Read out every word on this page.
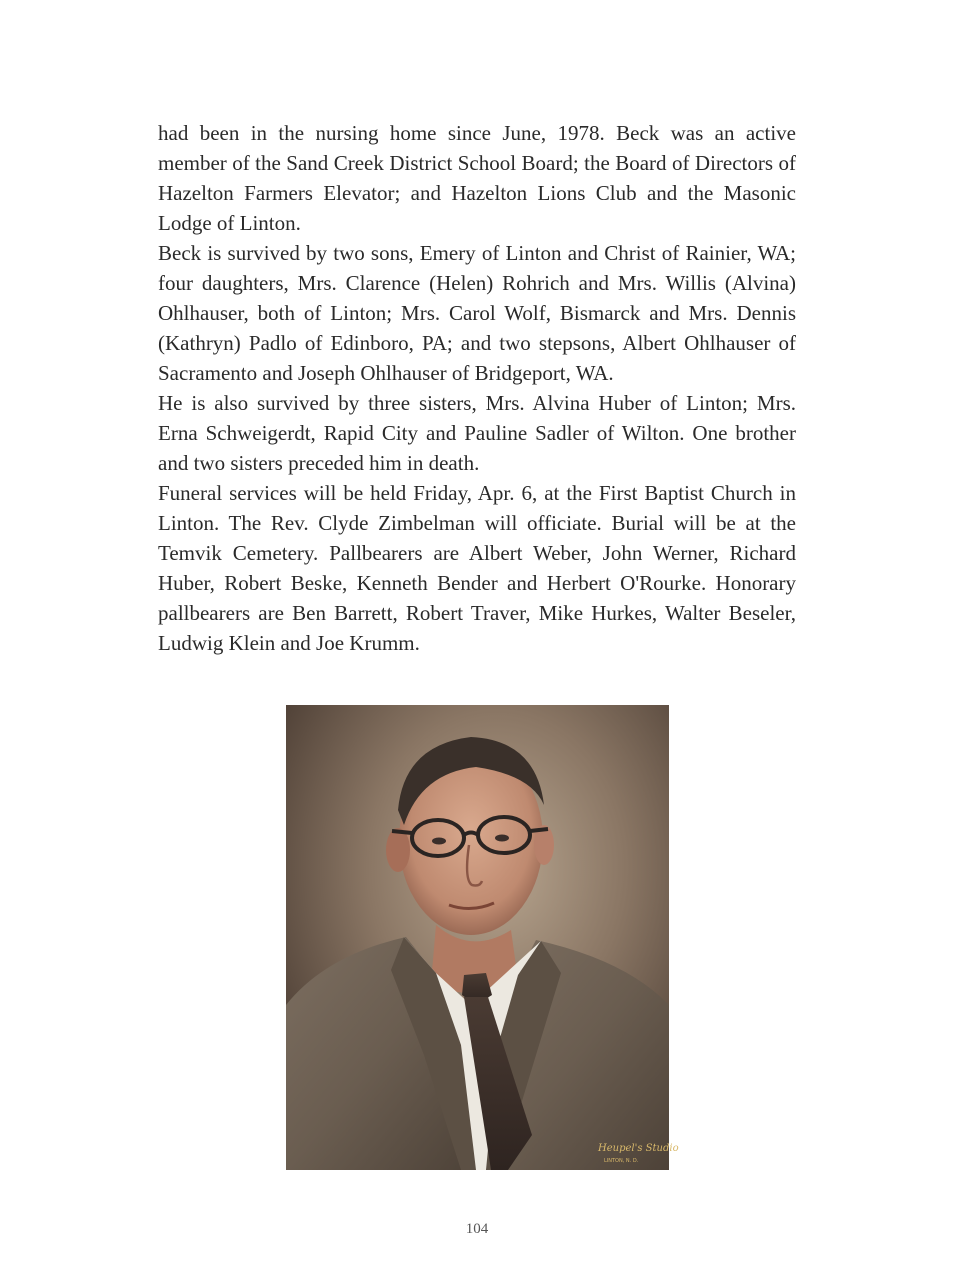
had been in the nursing home since June, 1978. Beck was an active member of the Sand Creek District School Board; the Board of Directors of Hazelton Farmers Elevator; and Hazelton Lions Club and the Masonic Lodge of Linton.

Beck is survived by two sons, Emery of Linton and Christ of Rainier, WA; four daughters, Mrs. Clarence (Helen) Rohrich and Mrs. Willis (Alvina) Ohlhauser, both of Linton; Mrs. Carol Wolf, Bismarck and Mrs. Dennis (Kathryn) Padlo of Edinboro, PA; and two stepsons, Albert Ohlhauser of Sacramento and Joseph Ohlhauser of Bridgeport, WA.

He is also survived by three sisters, Mrs. Alvina Huber of Linton; Mrs. Erna Schweigerdt, Rapid City and Pauline Sadler of Wilton. One brother and two sisters preceded him in death.

Funeral services will be held Friday, Apr. 6, at the First Baptist Church in Linton. The Rev. Clyde Zimbelman will officiate. Burial will be at the Temvik Cemetery. Pallbearers are Albert Weber, John Werner, Richard Huber, Robert Beske, Kenneth Bender and Herbert O'Rourke. Honorary pallbearers are Ben Barrett, Robert Traver, Mike Hurkes, Walter Beseler, Ludwig Klein and Joe Krumm.

Heupel's Studio
LINTON, N. D.
104
